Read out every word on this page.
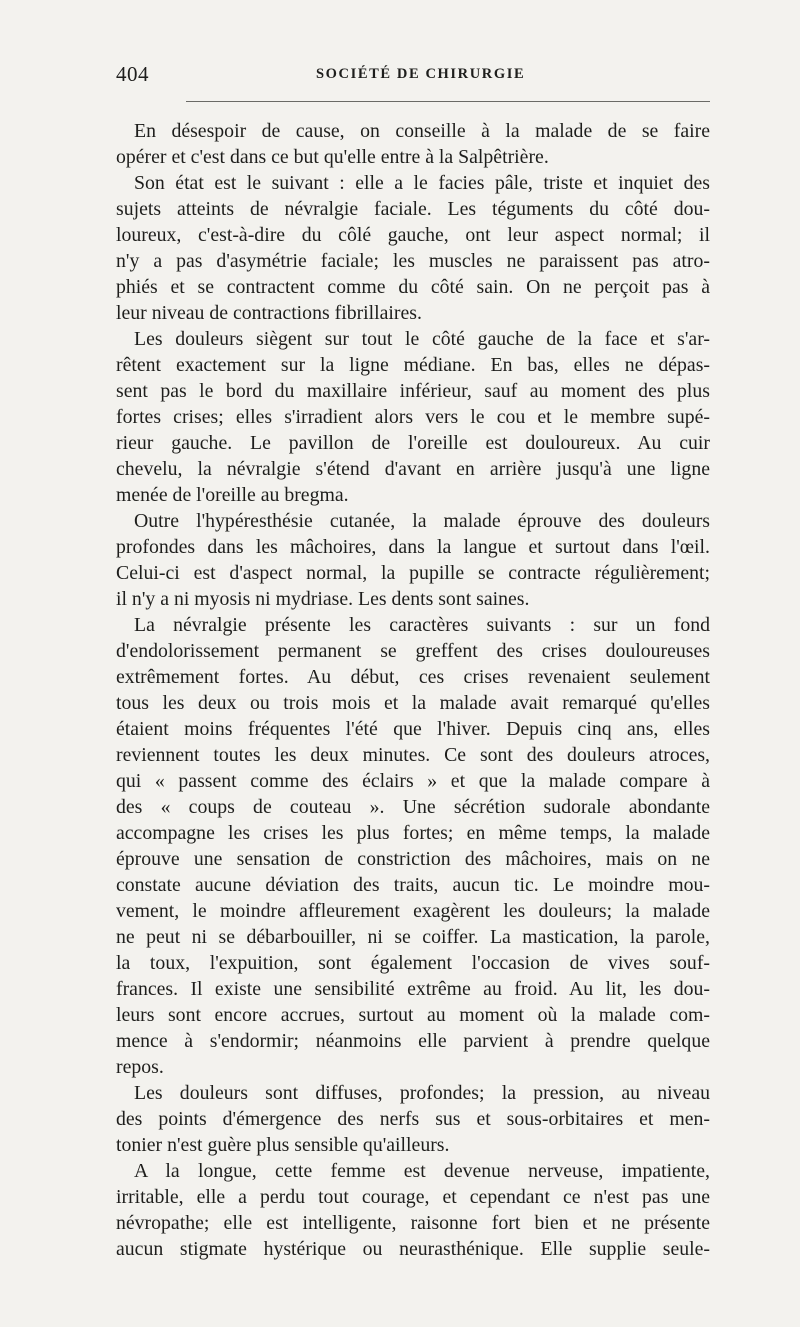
404	SOCIÉTÉ DE CHIRURGIE
En désespoir de cause, on conseille à la malade de se faire
opérer et c'est dans ce but qu'elle entre à la Salpêtrière.
Son état est le suivant : elle a le facies pâle, triste et inquiet des
sujets atteints de névralgie faciale. Les téguments du côté dou-
loureux, c'est-à-dire du côlé gauche, ont leur aspect normal; il
n'y a pas d'asymétrie faciale; les muscles ne paraissent pas atro-
phiés et se contractent comme du côté sain. On ne perçoit pas à
leur niveau de contractions fibrillaires.
Les douleurs siègent sur tout le côté gauche de la face et s'ar-
rêtent exactement sur la ligne médiane. En bas, elles ne dépas-
sent pas le bord du maxillaire inférieur, sauf au moment des plus
fortes crises; elles s'irradient alors vers le cou et le membre supé-
rieur gauche. Le pavillon de l'oreille est douloureux. Au cuir
chevelu, la névralgie s'étend d'avant en arrière jusqu'à une ligne
menée de l'oreille au bregma.
Outre l'hypéresthésie cutanée, la malade éprouve des douleurs
profondes dans les mâchoires, dans la langue et surtout dans l'œil.
Celui-ci est d'aspect normal, la pupille se contracte régulièrement;
il n'y a ni myosis ni mydriase. Les dents sont saines.
La névralgie présente les caractères suivants : sur un fond
d'endolorissement permanent se greffent des crises douloureuses
extrêmement fortes. Au début, ces crises revenaient seulement
tous les deux ou trois mois et la malade avait remarqué qu'elles
étaient moins fréquentes l'été que l'hiver. Depuis cinq ans, elles
reviennent toutes les deux minutes. Ce sont des douleurs atroces,
qui « passent comme des éclairs » et que la malade compare à
des « coups de couteau ». Une sécrétion sudorale abondante
accompagne les crises les plus fortes; en même temps, la malade
éprouve une sensation de constriction des mâchoires, mais on ne
constate aucune déviation des traits, aucun tic. Le moindre mou-
vement, le moindre affleurement exagèrent les douleurs; la malade
ne peut ni se débarbouiller, ni se coiffer. La mastication, la parole,
la toux, l'expuition, sont également l'occasion de vives souf-
frances. Il existe une sensibilité extrême au froid. Au lit, les dou-
leurs sont encore accrues, surtout au moment où la malade com-
mence à s'endormir; néanmoins elle parvient à prendre quelque
repos.
Les douleurs sont diffuses, profondes; la pression, au niveau
des points d'émergence des nerfs sus et sous-orbitaires et men-
tonier n'est guère plus sensible qu'ailleurs.
A la longue, cette femme est devenue nerveuse, impatiente,
irritable, elle a perdu tout courage, et cependant ce n'est pas une
névropathe; elle est intelligente, raisonne fort bien et ne présente
aucun stigmate hystérique ou neurasthénique. Elle supplie seule-
